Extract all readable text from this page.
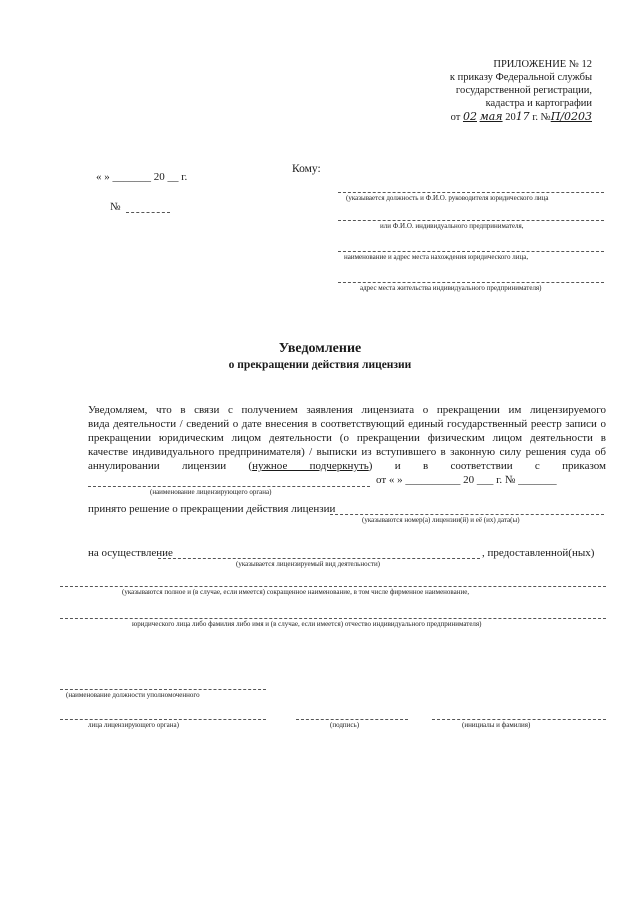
ПРИЛОЖЕНИЕ № 12
к приказу Федеральной службы
государственной регистрации,
кадастра и картографии
от 02 мая 2017 г. №П/0203
« » _______ 20 __ г.
№
Кому:
(указывается должность и Ф.И.О. руководителя юридического лица
или Ф.И.О. индивидуального предпринимателя,
наименование и адрес места нахождения юридического лица,
адрес места жительства индивидуального предпринимателя)
Уведомление
о прекращении действия лицензии
Уведомляем, что в связи с получением заявления лицензиата о прекращении им лицензируемого
вида деятельности / сведений о дате внесения в соответствующий единый государственный реестр записи о
прекращении юридическим лицом деятельности (о прекращении физическим лицом деятельности в
качестве индивидуального предпринимателя) / выписки из вступившего в законную силу решения суда об
аннулировании лицензии (нужное подчеркнуть) и в соответствии с приказом
от « » __________ 20 ___ г. № _______
(наименование лицензирующего органа)
принято решение о прекращении действия лицензии
(указываются номер(а) лицензии(й) и её (их) дата(ы)
на осуществление
(указывается лицензируемый вид деятельности)
, предоставленной(ных)
(указываются полное и (в случае, если имеется) сокращенное наименование, в том числе фирменное наименование,
юридического лица либо фамилия либо имя и (в случае, если имеется) отчество индивидуального предпринимателя)
(наименование должности уполномоченного
лица лицензирующего органа)	(подпись)	(инициалы и фамилия)
